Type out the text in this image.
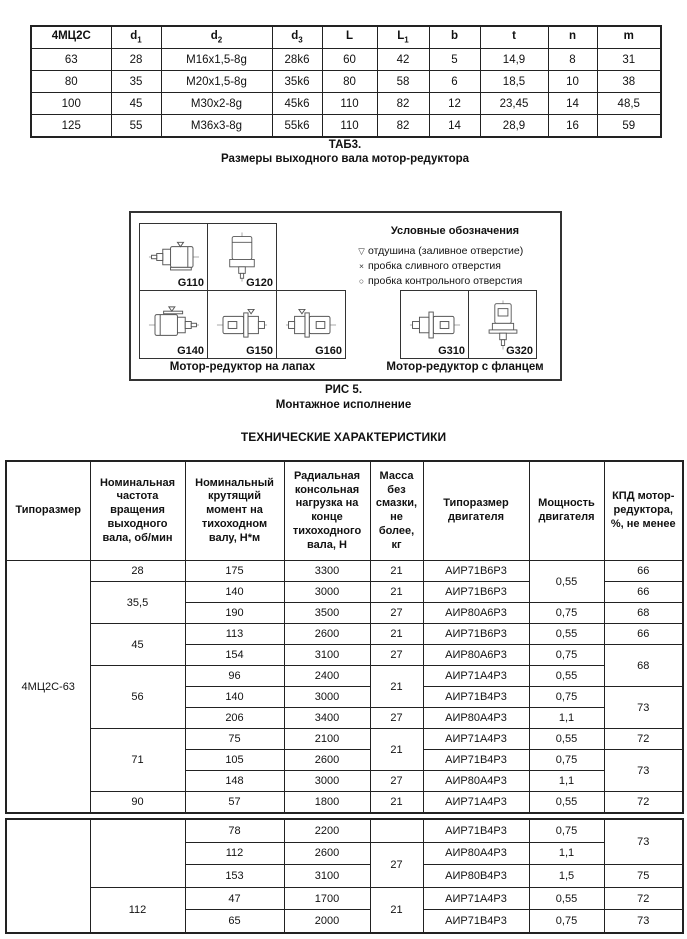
4МЦ2С	$d_1$	$d_2$	$d_3$	L	$L_1$	b	t	n	m
63	28	M16x1,5-8g	28k6	60	42	5	14,9	8	31
80	35	M20x1,5-8g	35k6	80	58	6	18,5	10	38
100	45	M30x2-8g	45k6	110	82	12	23,45	14	48,5
125	55	M36x3-8g	55k6	110	82	14	28,9	16	59
ТАБ3.
Размеры выходного вала мотор-редуктора
G110	G120
G140	G150	G160
Условные обозначения
▽ отдушина (заливное отверстие)
× пробка сливного отверстия
○ пробка контрольного отверстия
G310	G320
Мотор-редуктор на лапах	Мотор-редуктор с фланцем
РИС 5.
Монтажное исполнение
ТЕХНИЧЕСКИЕ ХАРАКТЕРИСТИКИ
Типоразмер	Номинальная частота вращения выходного вала, об/мин	Номинальный крутящий момент на тихоходном валу, Н*м	Радиальная консольная нагрузка на конце тихоходного вала, Н	Масса без смазки, не более, кг	Типоразмер двигателя	Мощность двигателя	КПД мотор-редуктора, %, не менее
4МЦ2С-63	28	175	3300	21	АИР71В6Р3	0,55	66
	35,5	140	3000	21	АИР71В6Р3		66
		190	3500	27	АИР80А6Р3	0,75	68
	45	113	2600	21	АИР71В6Р3	0,55	66
		154	3100	27	АИР80А6Р3	0,75	68
	56	96	2400	21	АИР71А4Р3	0,55	
		140	3000		АИР71В4Р3	0,75	73
		206	3400	27	АИР80А4Р3	1,1	
	71	75	2100	21	АИР71А4Р3	0,55	72
		105	2600		АИР71В4Р3	0,75	73
		148	3000	27	АИР80А4Р3	1,1	
	90	57	1800	21	АИР71А4Р3	0,55	72
		78	2200		АИР71В4Р3	0,75	73
		112	2600	27	АИР80А4Р3	1,1	
		153	3100		АИР80В4Р3	1,5	75
	112	47	1700	21	АИР71А4Р3	0,55	72
		65	2000		АИР71В4Р3	0,75	73
